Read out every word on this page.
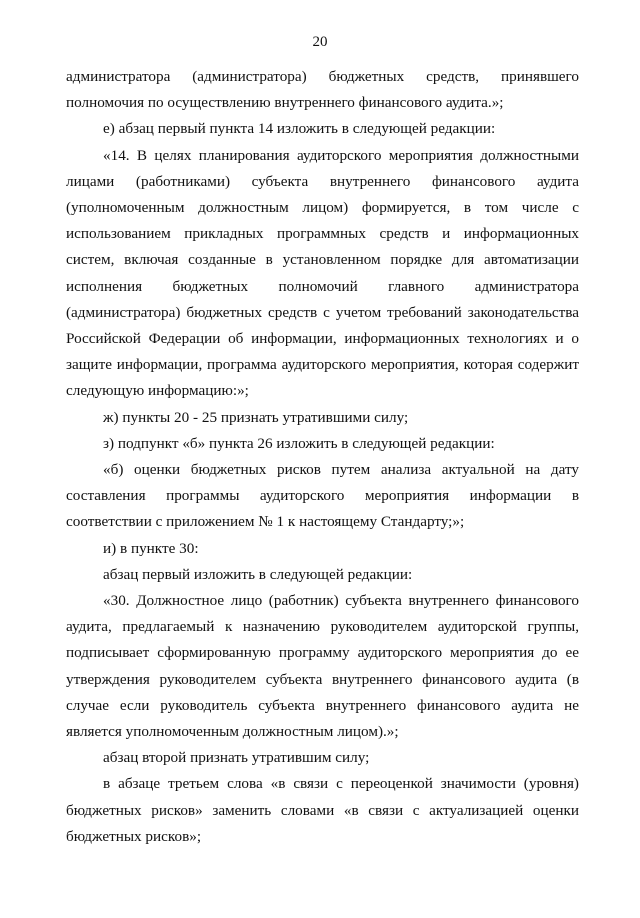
20

администратора (администратора) бюджетных средств, принявшего полномочия по осуществлению внутреннего финансового аудита.»;

е) абзац первый пункта 14 изложить в следующей редакции:

«14. В целях планирования аудиторского мероприятия должностными лицами (работниками) субъекта внутреннего финансового аудита (уполномоченным должностным лицом) формируется, в том числе с использованием прикладных программных средств и информационных систем, включая созданные в установленном порядке для автоматизации исполнения бюджетных полномочий главного администратора (администратора) бюджетных средств с учетом требований законодательства Российской Федерации об информации, информационных технологиях и о защите информации, программа аудиторского мероприятия, которая содержит следующую информацию:»;

ж) пункты 20 - 25 признать утратившими силу;

з) подпункт «б» пункта 26 изложить в следующей редакции:

«б) оценки бюджетных рисков путем анализа актуальной на дату составления программы аудиторского мероприятия информации в соответствии с приложением № 1 к настоящему Стандарту;»;

и) в пункте 30:

абзац первый изложить в следующей редакции:

«30. Должностное лицо (работник) субъекта внутреннего финансового аудита, предлагаемый к назначению руководителем аудиторской группы, подписывает сформированную программу аудиторского мероприятия до ее утверждения руководителем субъекта внутреннего финансового аудита (в случае если руководитель субъекта внутреннего финансового аудита не является уполномоченным должностным лицом).»;

абзац второй признать утратившим силу;

в абзаце третьем слова «в связи с переоценкой значимости (уровня) бюджетных рисков» заменить словами «в связи с актуализацией оценки бюджетных рисков»;
